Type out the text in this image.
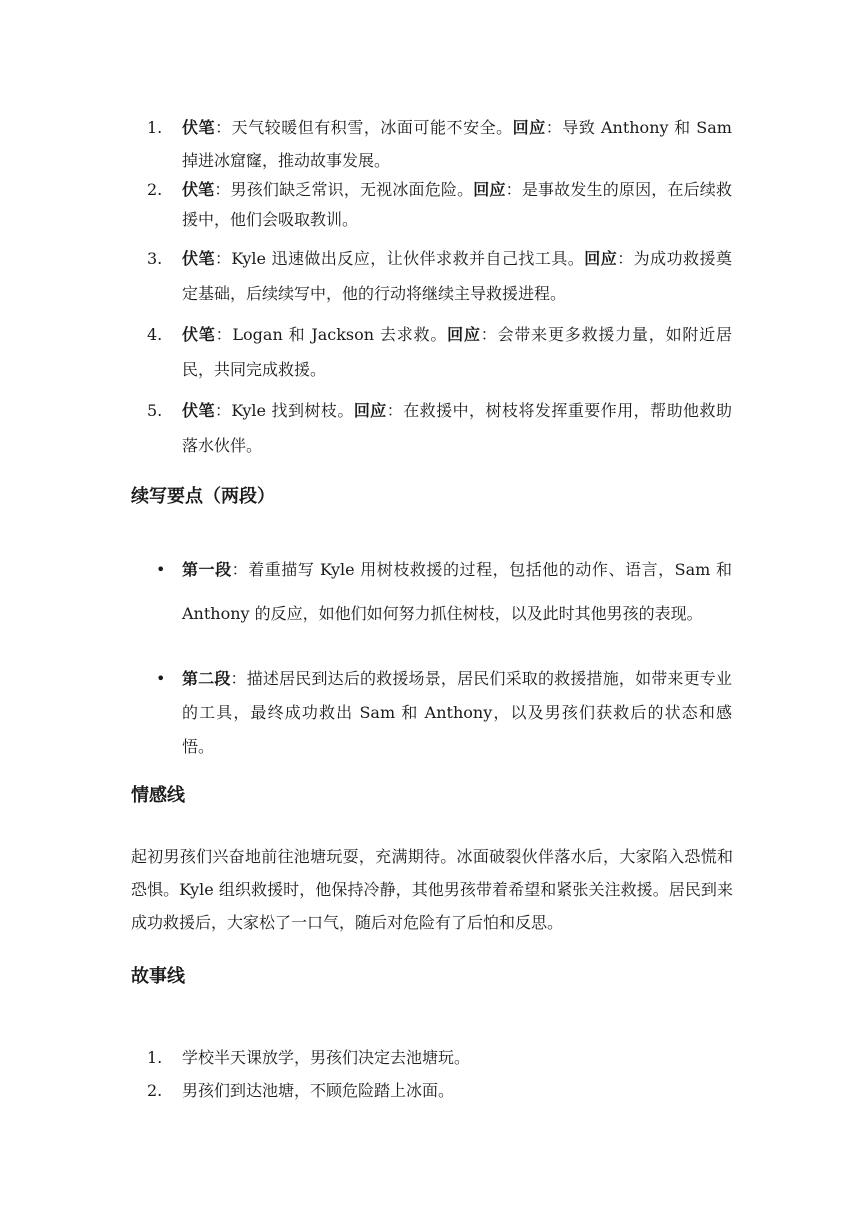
1.	伏笔：天气较暖但有积雪，冰面可能不安全。回应：导致 Anthony 和 Sam 掉进冰窟窿，推动故事发展。
2.	伏笔：男孩们缺乏常识，无视冰面危险。回应：是事故发生的原因，在后续救援中，他们会吸取教训。
3.	伏笔：Kyle 迅速做出反应，让伙伴求救并自己找工具。回应：为成功救援奠定基础，后续续写中，他的行动将继续主导救援进程。
4.	伏笔：Logan 和 Jackson 去求救。回应：会带来更多救援力量，如附近居民，共同完成救援。
5.	伏笔：Kyle 找到树枝。回应：在救援中，树枝将发挥重要作用，帮助他救助落水伙伴。
续写要点（两段）
• 第一段：着重描写 Kyle 用树枝救援的过程，包括他的动作、语言，Sam 和 Anthony 的反应，如他们如何努力抓住树枝，以及此时其他男孩的表现。
• 第二段：描述居民到达后的救援场景，居民们采取的救援措施，如带来更专业的工具，最终成功救出 Sam 和 Anthony，以及男孩们获救后的状态和感悟。
情感线

起初男孩们兴奋地前往池塘玩耍，充满期待。冰面破裂伙伴落水后，大家陷入恐慌和恐惧。Kyle 组织救援时，他保持冷静，其他男孩带着希望和紧张关注救援。居民到来成功救援后，大家松了一口气，随后对危险有了后怕和反思。

故事线
1.	学校半天课放学，男孩们决定去池塘玩。
2.	男孩们到达池塘，不顾危险踏上冰面。
